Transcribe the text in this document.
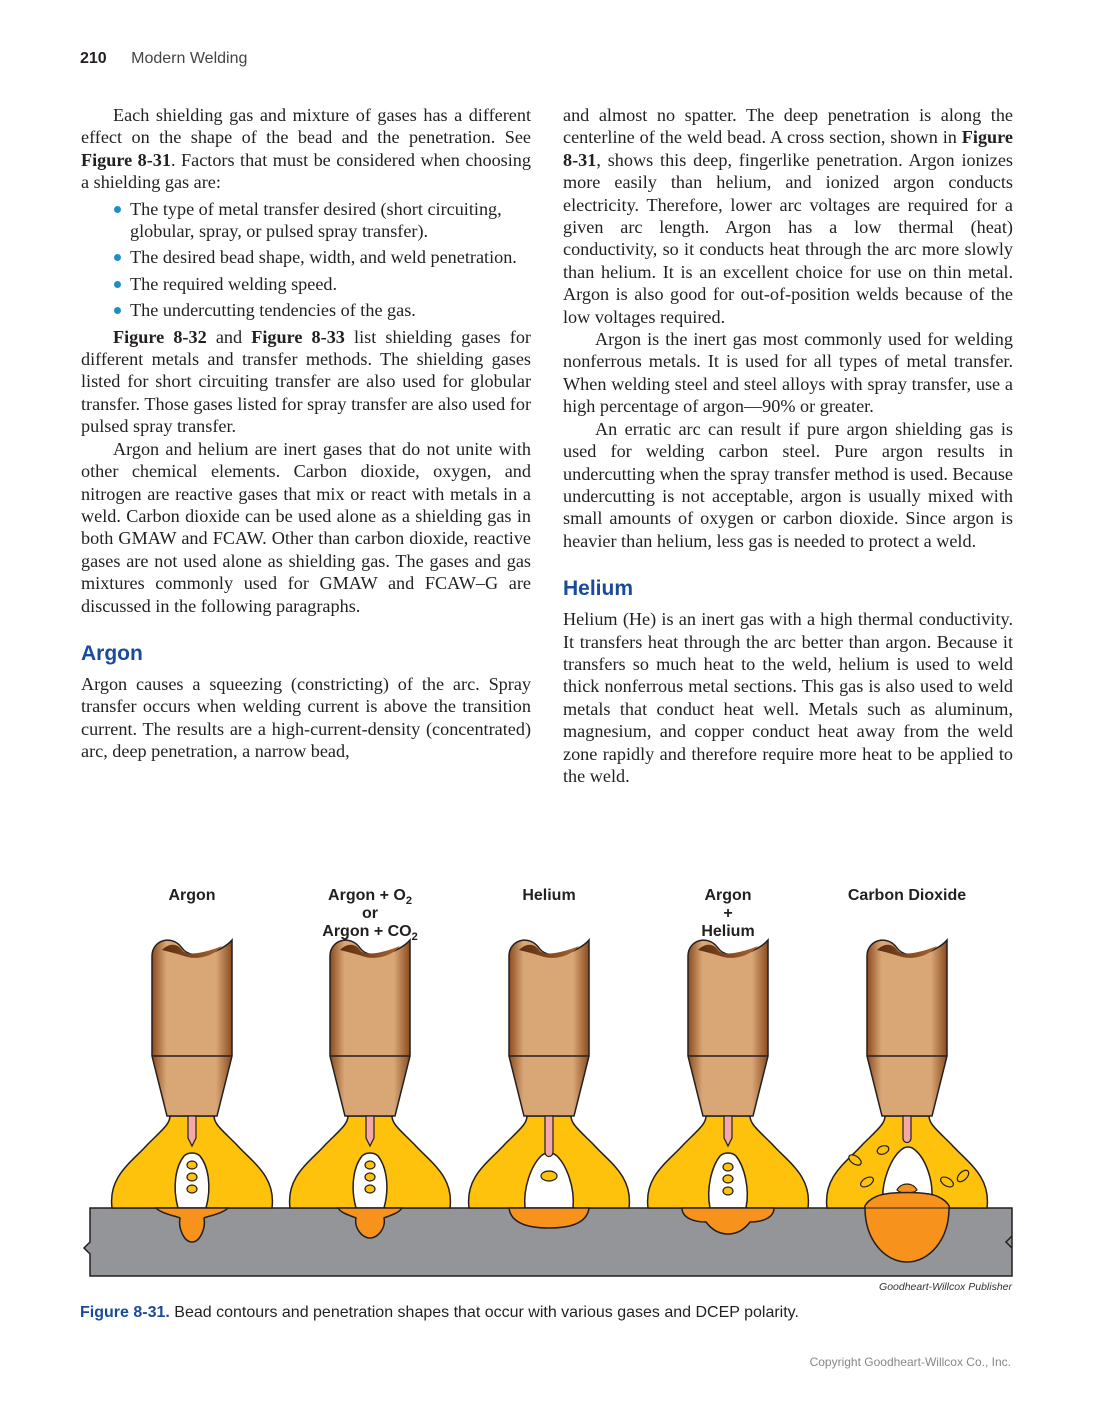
210 Modern Welding

Each shielding gas and mixture of gases has a different effect on the shape of the bead and the penetration. See Figure 8-31. Factors that must be considered when choosing a shielding gas are:

The type of metal transfer desired (short circuiting, globular, spray, or pulsed spray transfer).
The desired bead shape, width, and weld penetration.
The required welding speed.
The undercutting tendencies of the gas.

Figure 8-32 and Figure 8-33 list shielding gases for different metals and transfer methods. The shielding gases listed for short circuiting transfer are also used for globular transfer. Those gases listed for spray transfer are also used for pulsed spray transfer.

Argon and helium are inert gases that do not unite with other chemical elements. Carbon dioxide, oxygen, and nitrogen are reactive gases that mix or react with metals in a weld. Carbon dioxide can be used alone as a shielding gas in both GMAW and FCAW. Other than carbon dioxide, reactive gases are not used alone as shielding gas. The gases and gas mixtures commonly used for GMAW and FCAW–G are discussed in the following paragraphs.

Argon

Argon causes a squeezing (constricting) of the arc. Spray transfer occurs when welding current is above the transition current. The results are a high-current-density (concentrated) arc, deep penetration, a narrow bead,

and almost no spatter. The deep penetration is along the centerline of the weld bead. A cross section, shown in Figure 8-31, shows this deep, fingerlike penetration. Argon ionizes more easily than helium, and ionized argon conducts electricity. Therefore, lower arc voltages are required for a given arc length. Argon has a low thermal (heat) conductivity, so it conducts heat through the arc more slowly than helium. It is an excellent choice for use on thin metal. Argon is also good for out-of-position welds because of the low voltages required.

Argon is the inert gas most commonly used for welding nonferrous metals. It is used for all types of metal transfer. When welding steel and steel alloys with spray transfer, use a high percentage of argon—90% or greater.

An erratic arc can result if pure argon shielding gas is used for welding carbon steel. Pure argon results in undercutting when the spray transfer method is used. Because undercutting is not acceptable, argon is usually mixed with small amounts of oxygen or carbon dioxide. Since argon is heavier than helium, less gas is needed to protect a weld.

Helium

Helium (He) is an inert gas with a high thermal conductivity. It transfers heat through the arc better than argon. Because it transfers so much heat to the weld, helium is used to weld thick nonferrous metal sections. This gas is also used to weld metals that conduct heat well. Metals such as aluminum, magnesium, and copper conduct heat away from the weld zone rapidly and therefore require more heat to be applied to the weld.

Argon	Argon + $O_2$
or
Argon + $CO_2$
Helium	Argon
+
Helium
Carbon Dioxide
Goodheart-Willcox Publisher
Figure 8-31. Bead contours and penetration shapes that occur with various gases and DCEP polarity.
Copyright Goodheart-Willcox Co., Inc.
